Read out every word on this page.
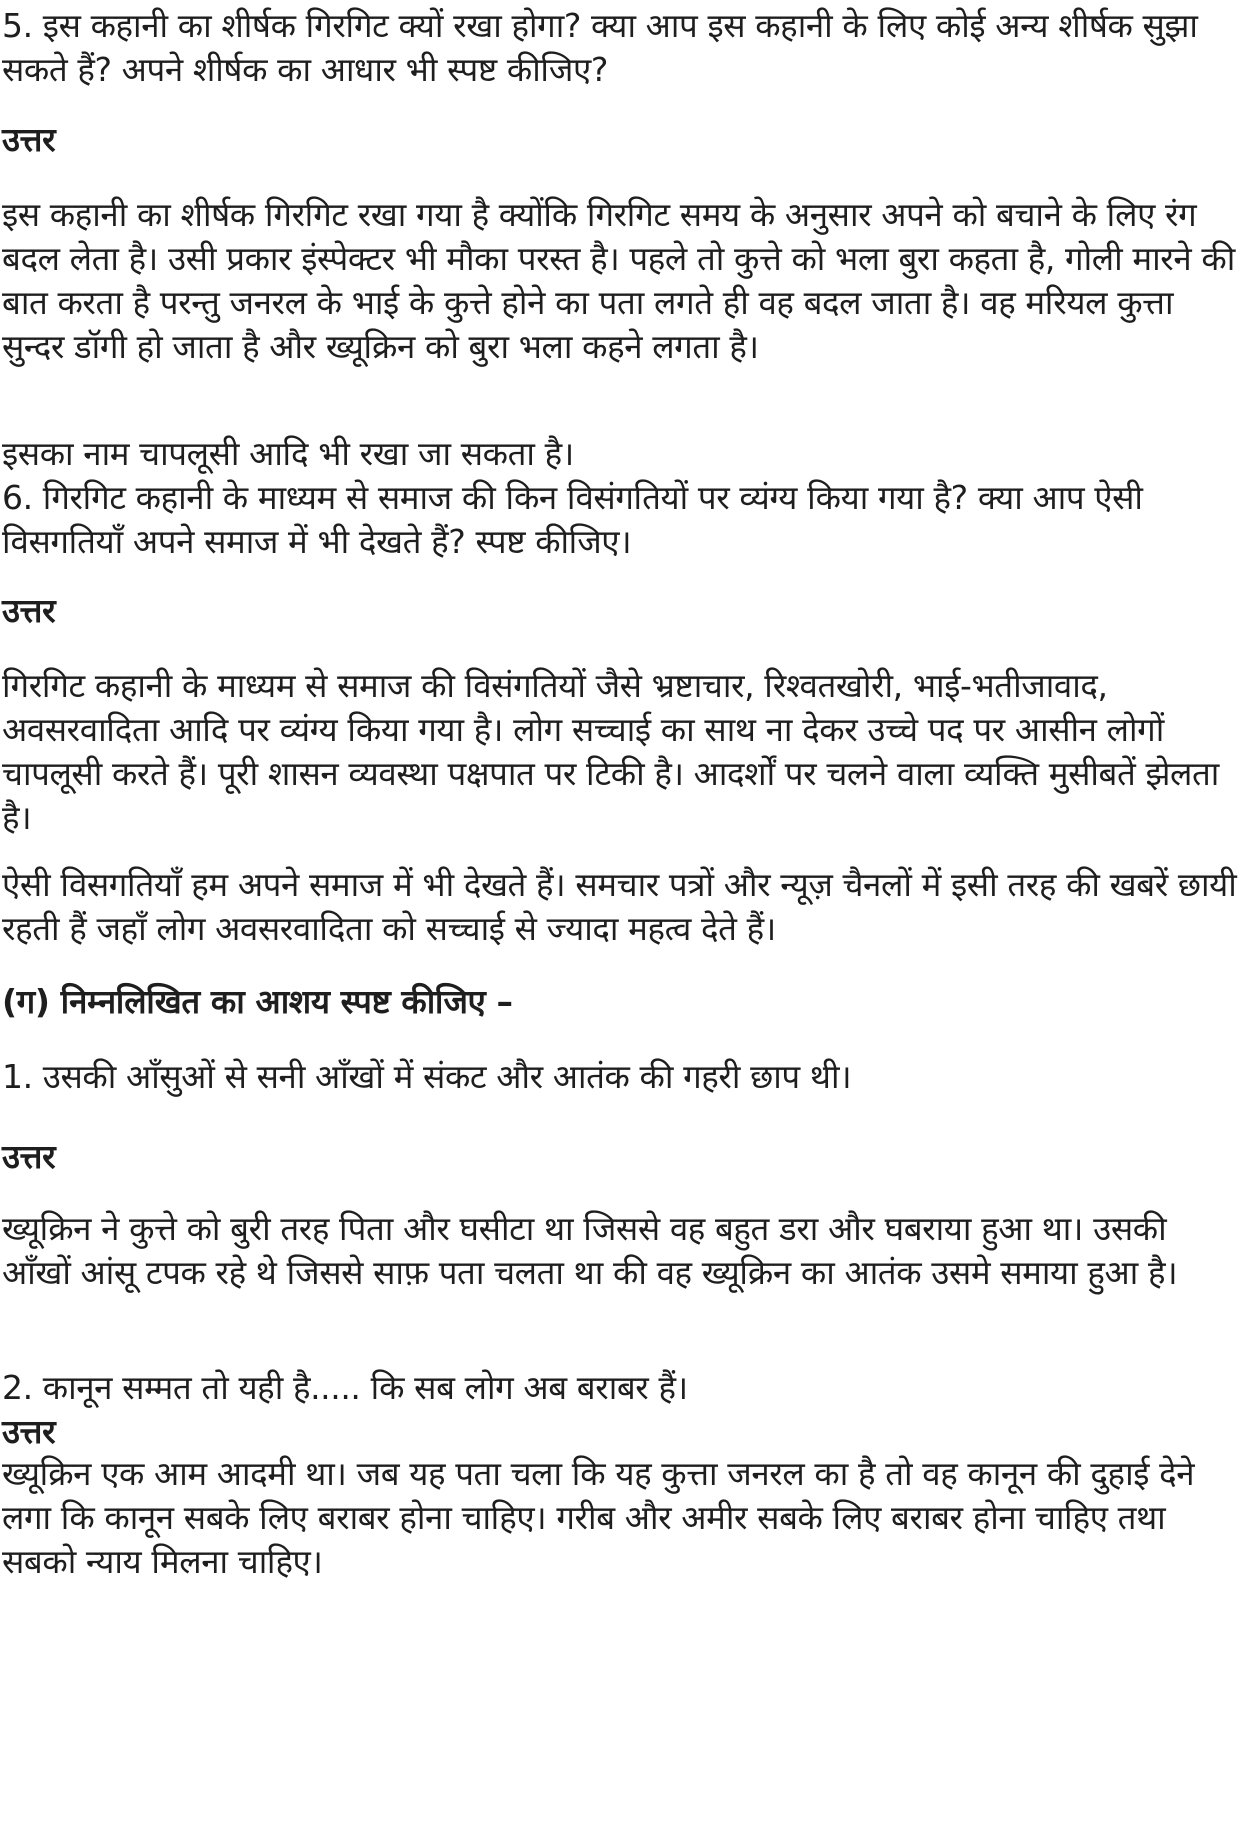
5. इस कहानी का शीर्षक गिरगिट क्यों रखा होगा? क्या आप इस कहानी के लिए कोई अन्य शीर्षक सुझा सकते हैं? अपने शीर्षक का आधार भी स्पष्ट कीजिए?

उत्तर

इस कहानी का शीर्षक गिरगिट रखा गया है क्योंकि गिरगिट समय के अनुसार अपने को बचाने के लिए रंग बदल लेता है। उसी प्रकार इंस्पेक्टर भी मौका परस्त है। पहले तो कुत्ते को भला बुरा कहता है, गोली मारने की बात करता है परन्तु जनरल के भाई के कुत्ते होने का पता लगते ही वह बदल जाता है। वह मरियल कुत्ता सुन्दर डॉगी हो जाता है और ख्यूक्रिन को बुरा भला कहने लगता है।

इसका नाम चापलूसी आदि भी रखा जा सकता है।

6. गिरगिट कहानी के माध्यम से समाज की किन विसंगतियों पर व्यंग्य किया गया है? क्या आप ऐसी विसगतियाँ अपने समाज में भी देखते हैं? स्पष्ट कीजिए।

उत्तर

गिरगिट कहानी के माध्यम से समाज की विसंगतियों जैसे भ्रष्टाचार, रिश्वतखोरी, भाई-भतीजावाद, अवसरवादिता आदि पर व्यंग्य किया गया है। लोग सच्चाई का साथ ना देकर उच्चे पद पर आसीन लोगों चापलूसी करते हैं। पूरी शासन व्यवस्था पक्षपात पर टिकी है। आदर्शों पर चलने वाला व्यक्ति मुसीबतें झेलता है।

ऐसी विसगतियाँ हम अपने समाज में भी देखते हैं। समचार पत्रों और न्यूज़ चैनलों में इसी तरह की खबरें छायी रहती हैं जहाँ लोग अवसरवादिता को सच्चाई से ज्यादा महत्व देते हैं।

(ग) निम्नलिखित का आशय स्पष्ट कीजिए –

1. उसकी आँसुओं से सनी आँखों में संकट और आतंक की गहरी छाप थी।

उत्तर

ख्यूक्रिन ने कुत्ते को बुरी तरह पिता और घसीटा था जिससे वह बहुत डरा और घबराया हुआ था। उसकी आँखों आंसू टपक रहे थे जिससे साफ़ पता चलता था की वह ख्यूक्रिन का आतंक उसमे समाया हुआ है।

2. कानून सम्मत तो यही है..... कि सब लोग अब बराबर हैं।

उत्तर

ख्यूक्रिन एक आम आदमी था। जब यह पता चला कि यह कुत्ता जनरल का है तो वह कानून की दुहाई देने लगा कि कानून सबके लिए बराबर होना चाहिए। गरीब और अमीर सबके लिए बराबर होना चाहिए तथा सबको न्याय मिलना चाहिए।
